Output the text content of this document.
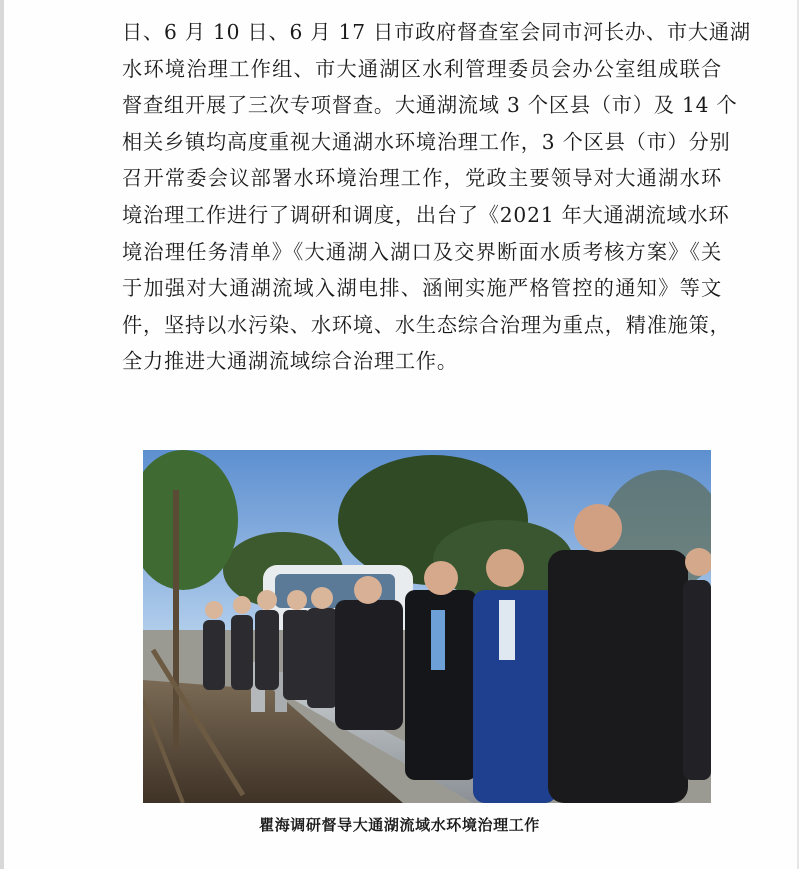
日、6 月 10 日、6 月 17 日市政府督查室会同市河长办、市大通湖
水环境治理工作组、市大通湖区水利管理委员会办公室组成联合
督查组开展了三次专项督查。大通湖流域 3 个区县（市）及 14 个
相关乡镇均高度重视大通湖水环境治理工作，3 个区县（市）分别
召开常委会议部署水环境治理工作，党政主要领导对大通湖水环
境治理工作进行了调研和调度，出台了《2021 年大通湖流域水环
境治理任务清单》《大通湖入湖口及交界断面水质考核方案》《关
于加强对大通湖流域入湖电排、涵闸实施严格管控的通知》等文
件，坚持以水污染、水环境、水生态综合治理为重点，精准施策，
全力推进大通湖流域综合治理工作。

瞿海调研督导大通湖流域水环境治理工作
